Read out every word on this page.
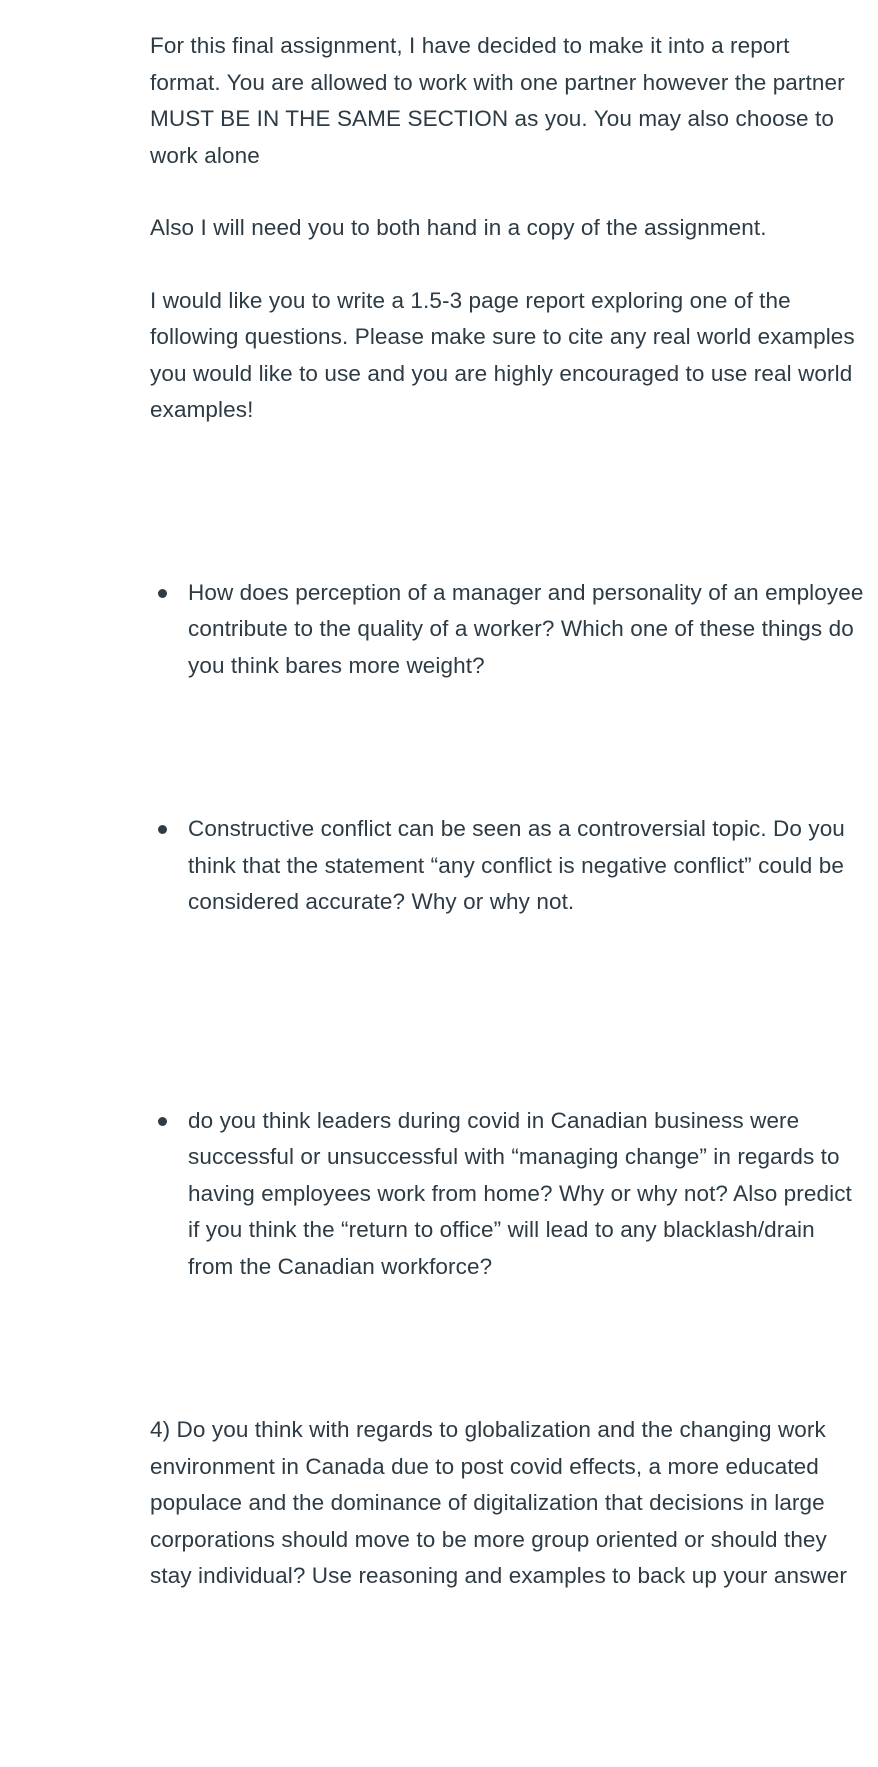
For this final assignment, I have decided to make it into a report format. You are allowed to work with one partner however the partner MUST BE IN THE SAME SECTION as you. You may also choose to work alone

Also I will need you to both hand in a copy of the assignment.

I would like you to write a 1.5-3 page report exploring one of the following questions. Please make sure to cite any real world examples you would like to use and you are highly encouraged to use real world examples!

How does perception of a manager and personality of an employee contribute to the quality of a worker? Which one of these things do you think bares more weight?
Constructive conflict can be seen as a controversial topic. Do you think that the statement “any conflict is negative conflict” could be considered accurate? Why or why not.
do you think leaders during covid in Canadian business were successful or unsuccessful with “managing change” in regards to having employees work from home? Why or why not? Also predict if you think the “return to office” will lead to any blacklash/drain from the Canadian workforce?

4) Do you think with regards to globalization and the changing work environment in Canada due to post covid effects, a more educated populace and the dominance of digitalization that decisions in large corporations should move to be more group oriented or should they stay individual? Use reasoning and examples to back up your answer
